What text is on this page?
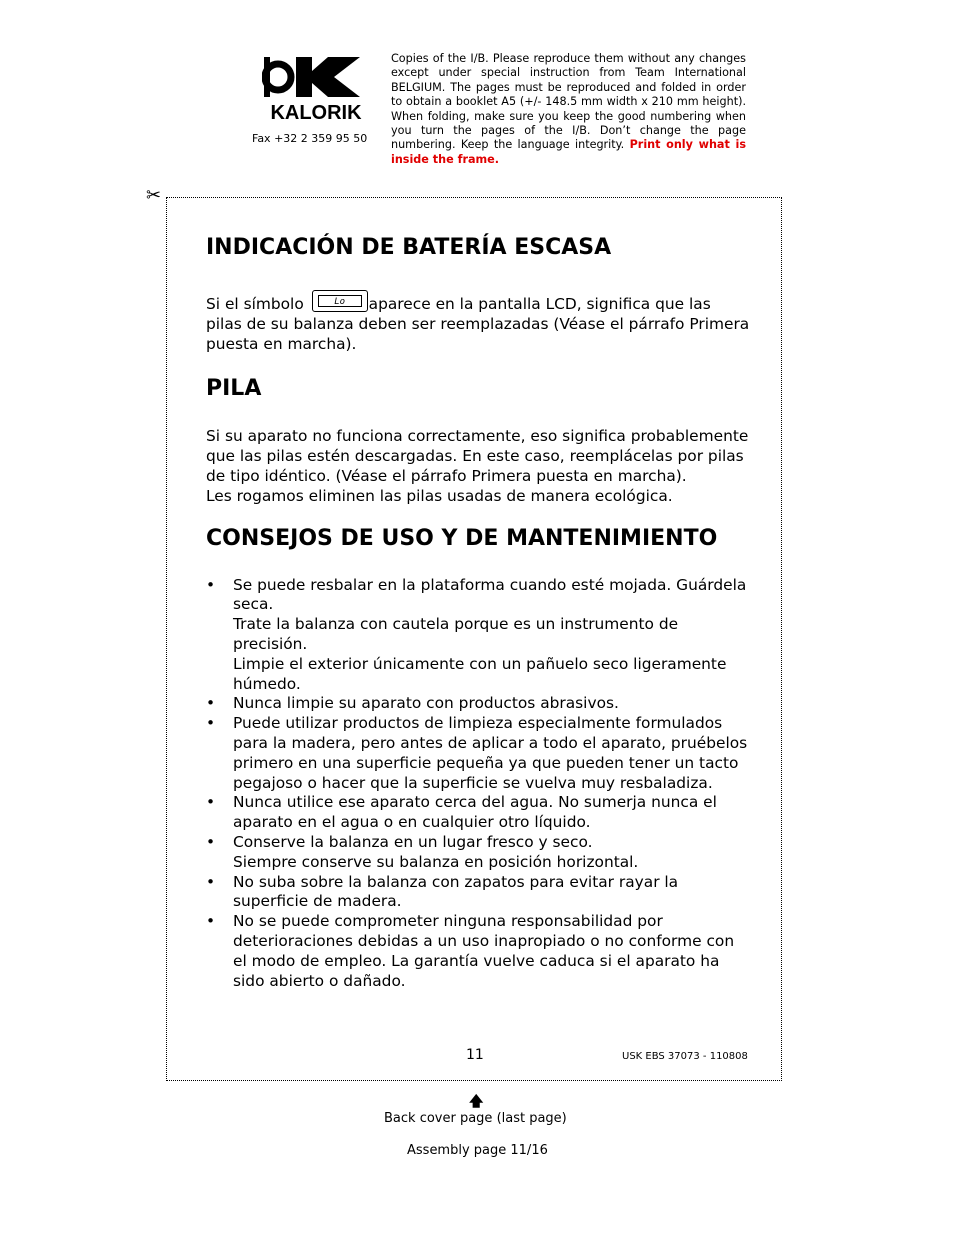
KALORIK
Fax +32 2 359 95 50
Copies of the I/B. Please reproduce them without any changes except under special instruction from Team International BELGIUM. The pages must be reproduced and folded in order to obtain a booklet A5 (+/- 148.5 mm width x 210 mm height). When folding, make sure you keep the good numbering when you turn the pages of the I/B. Don’t change the page numbering. Keep the language integrity. Print only what is inside the frame.
✂
INDICACIÓN DE BATERÍA ESCASA

Si el símbolo	Lo	aparece en la pantalla LCD, significa que las pilas de su balanza deben ser reemplazadas (Véase el párrafo Primera puesta en marcha).

PILA

Si su aparato no funciona correctamente, eso significa probablemente que las pilas estén descargadas. En este caso, reemplácelas por pilas de tipo idéntico. (Véase el párrafo Primera puesta en marcha).

Les rogamos eliminen las pilas usadas de manera ecológica.

CONSEJOS DE USO Y DE MANTENIMIENTO
• Se puede resbalar en la plataforma cuando esté mojada. Guárdela seca.
Trate la balanza con cautela porque es un instrumento de precisión.
Limpie el exterior únicamente con un pañuelo seco ligeramente húmedo.
• Nunca limpie su aparato con productos abrasivos.
• Puede utilizar productos de limpieza especialmente formulados para la madera, pero antes de aplicar a todo el aparato, pruébelos primero en una superficie pequeña ya que pueden tener un tacto pegajoso o hacer que la superficie se vuelva muy resbaladiza.
• Nunca utilice ese aparato cerca del agua. No sumerja nunca el aparato en el agua o en cualquier otro líquido.
• Conserve la balanza en un lugar fresco y seco.
Siempre conserve su balanza en posición horizontal.
• No suba sobre la balanza con zapatos para evitar rayar la superficie de madera.
• No se puede comprometer ninguna responsabilidad por deterioraciones debidas a un uso inapropiado o no conforme con el modo de empleo. La garantía vuelve caduca si el aparato ha sido abierto o dañado.
11	USK EBS 37073 - 110808
🡅
Back cover page (last page)
Assembly page 11/16
